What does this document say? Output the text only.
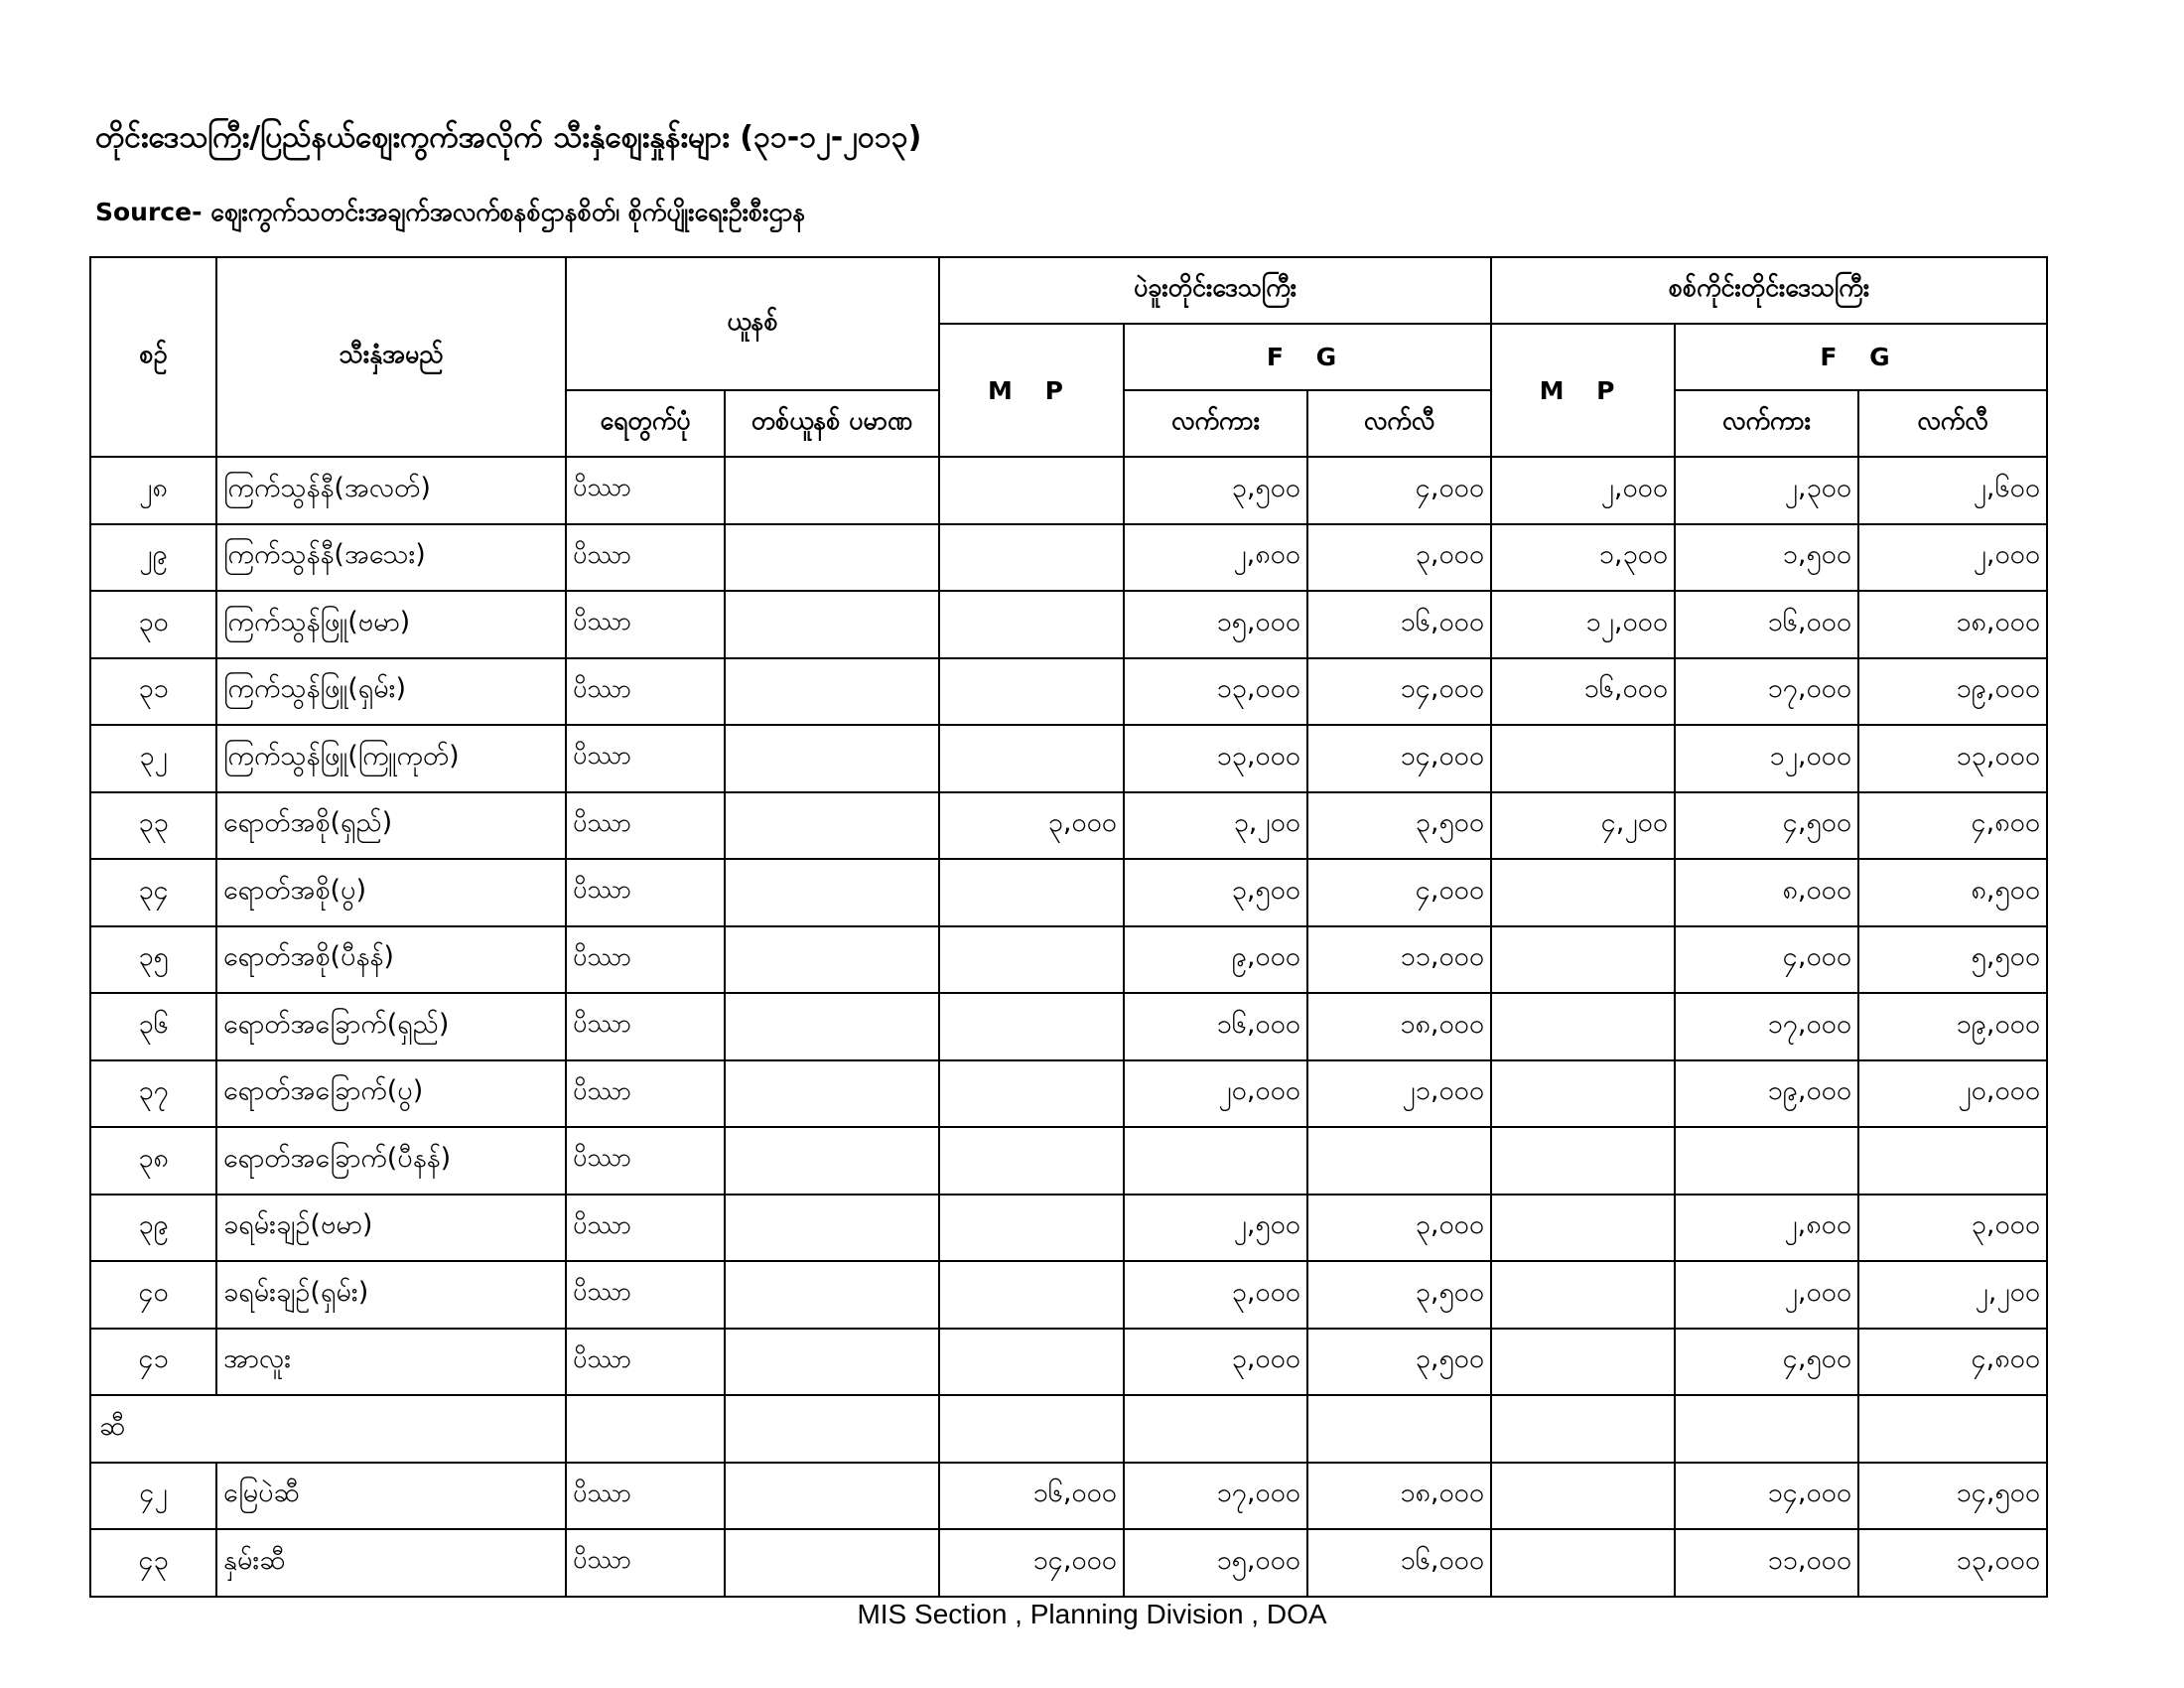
တိုင်းဒေသကြီး/ပြည်နယ်ဈေးကွက်အလိုက် သီးနှံဈေးနှုန်းများ (၃၁-၁၂-၂၀၁၃)
Source- ဈေးကွက်သတင်းအချက်အလက်စနစ်ဌာနစိတ်၊ စိုက်ပျိုးရေးဦးစီးဌာန
စဉ်	သီးနှံအမည်	ယူနစ်		ပဲခူးတိုင်းဒေသကြီး			စစ်ကိုင်းတိုင်းဒေသကြီး		
				M P	F G		M P	F G	
		ရေတွက်ပုံ	တစ်ယူနစ် ပမာဏ		လက်ကား	လက်လီ		လက်ကား	လက်လီ
၂၈	ကြက်သွန်နီ(အလတ်)	ပိဿာ			၃,၅၀၀	၄,၀၀၀	၂,၀၀၀	၂,၃၀၀	၂,၆၀၀
၂၉	ကြက်သွန်နီ(အသေး)	ပိဿာ			၂,၈၀၀	၃,၀၀၀	၁,၃၀၀	၁,၅၀၀	၂,၀၀၀
၃၀	ကြက်သွန်ဖြူ(ဗမာ)	ပိဿာ			၁၅,၀၀၀	၁၆,၀၀၀	၁၂,၀၀၀	၁၆,၀၀၀	၁၈,၀၀၀
၃၁	ကြက်သွန်ဖြူ(ရှမ်း)	ပိဿာ			၁၃,၀၀၀	၁၄,၀၀၀	၁၆,၀၀၀	၁၇,၀၀၀	၁၉,၀၀၀
၃၂	ကြက်သွန်ဖြူ(ကြူကုတ်)	ပိဿာ			၁၃,၀၀၀	၁၄,၀၀၀		၁၂,၀၀၀	၁၃,၀၀၀
၃၃	ရောတ်အစို(ရှည်)	ပိဿာ		၃,၀၀၀	၃,၂၀၀	၃,၅၀၀	၄,၂၀၀	၄,၅၀၀	၄,၈၀၀
၃၄	ရောတ်အစို(ပွ)	ပိဿာ			၃,၅၀၀	၄,၀၀၀		၈,၀၀၀	၈,၅၀၀
၃၅	ရောတ်အစို(ပီနန်)	ပိဿာ			၉,၀၀၀	၁၁,၀၀၀		၄,၀၀၀	၅,၅၀၀
၃၆	ရောတ်အခြောက်(ရှည်)	ပိဿာ			၁၆,၀၀၀	၁၈,၀၀၀		၁၇,၀၀၀	၁၉,၀၀၀
၃၇	ရောတ်အခြောက်(ပွ)	ပိဿာ			၂၀,၀၀၀	၂၁,၀၀၀		၁၉,၀၀၀	၂၀,၀၀၀
၃၈	ရောတ်အခြောက်(ပီနန်)	ပိဿာ							
၃၉	ခရမ်းချဉ်(ဗမာ)	ပိဿာ			၂,၅၀၀	၃,၀၀၀		၂,၈၀၀	၃,၀၀၀
၄၀	ခရမ်းချဉ်(ရှမ်း)	ပိဿာ			၃,၀၀၀	၃,၅၀၀		၂,၀၀၀	၂,၂၀၀
၄၁	အာလူး	ပိဿာ			၃,၀၀၀	၃,၅၀၀		၄,၅၀၀	၄,၈၀၀
ဆီ									
၄၂	မြေပဲဆီ	ပိဿာ		၁၆,၀၀၀	၁၇,၀၀၀	၁၈,၀၀၀		၁၄,၀၀၀	၁၄,၅၀၀
၄၃	နှမ်းဆီ	ပိဿာ		၁၄,၀၀၀	၁၅,၀၀၀	၁၆,၀၀၀		၁၁,၀၀၀	၁၃,၀၀၀
MIS Section , Planning Division , DOA
